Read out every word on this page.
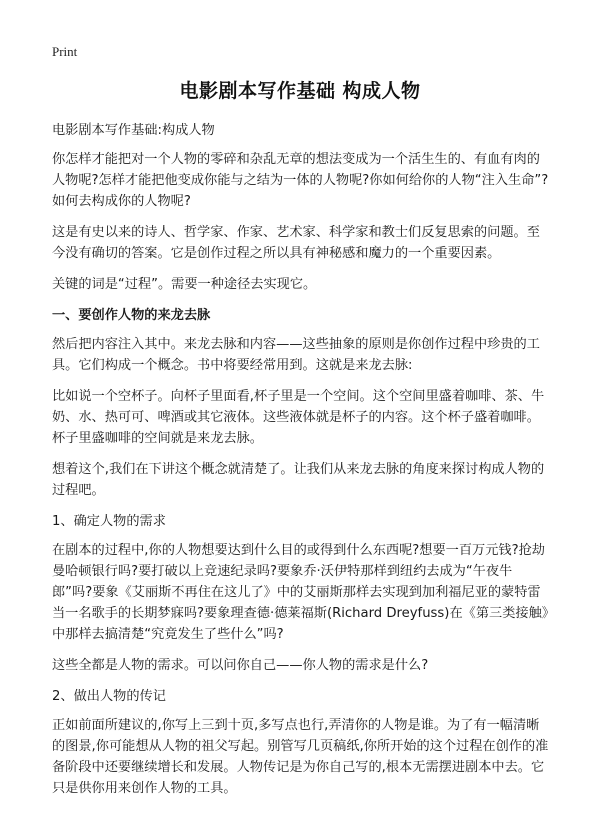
Print
电影剧本写作基础 构成人物

电影剧本写作基础:构成人物

你怎样才能把对一个人物的零碎和杂乱无章的想法变成为一个活生生的、有血有肉的人物呢?怎样才能把他变成你能与之结为一体的人物呢?你如何给你的人物“注入生命”?如何去构成你的人物呢?

这是有史以来的诗人、哲学家、作家、艺术家、科学家和教士们反复思索的问题。至今没有确切的答案。它是创作过程之所以具有神秘感和魔力的一个重要因素。

关键的词是“过程”。需要一种途径去实现它。

一、要创作人物的来龙去脉

然后把内容注入其中。来龙去脉和内容——这些抽象的原则是你创作过程中珍贵的工具。它们构成一个概念。书中将要经常用到。这就是来龙去脉:

比如说一个空杯子。向杯子里面看,杯子里是一个空间。这个空间里盛着咖啡、茶、牛奶、水、热可可、啤酒或其它液体。这些液体就是杯子的内容。这个杯子盛着咖啡。杯子里盛咖啡的空间就是来龙去脉。

想着这个,我们在下讲这个概念就清楚了。让我们从来龙去脉的角度来探讨构成人物的过程吧。

1、确定人物的需求

在剧本的过程中,你的人物想要达到什么目的或得到什么东西呢?想要一百万元钱?抢劫曼哈顿银行吗?要打破以上竞速纪录吗?要象乔·沃伊特那样到纽约去成为“午夜牛郎”吗?要象《艾丽斯不再住在这儿了》中的艾丽斯那样去实现到加利福尼亚的蒙特雷当一名歌手的长期梦寐吗?要象理查德·德莱福斯(Richard Dreyfuss)在《第三类接触》中那样去搞清楚“究竟发生了些什么”吗?

这些全都是人物的需求。可以问你自己——你人物的需求是什么?

2、做出人物的传记

正如前面所建议的,你写上三到十页,多写点也行,弄清你的人物是谁。为了有一幅清晰的图景,你可能想从人物的祖父写起。别管写几页稿纸,你所开始的这个过程在创作的准备阶段中还要继续增长和发展。人物传记是为你自己写的,根本无需摆进剧本中去。它只是供你用来创作人物的工具。
